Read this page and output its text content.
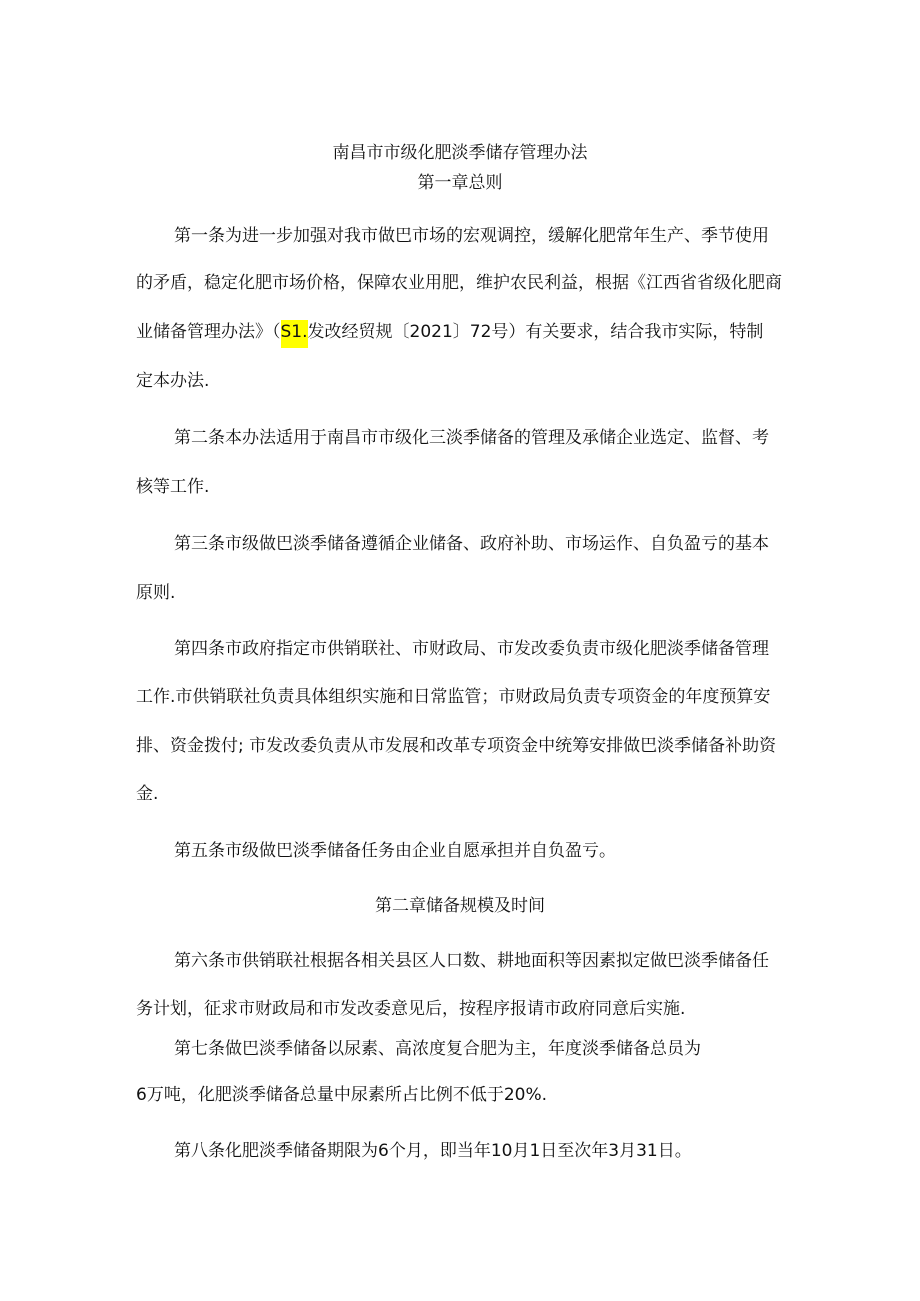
南昌市市级化肥淡季储存管理办法
第一章总则
第一条为进一步加强对我市做巴市场的宏观调控，缓解化肥常年生产、季节使用
的矛盾，稳定化肥市场价格，保障农业用肥，维护农民利益，根据《江西省省级化肥商
业储备管理办法》（S1.发改经贸规〔2021〕72号）有关要求，结合我市实际，特制
定本办法.
第二条本办法适用于南昌市市级化三淡季储备的管理及承储企业选定、监督、考
核等工作.
第三条市级做巴淡季储备遵循企业储备、政府补助、市场运作、自负盈亏的基本
原则.
第四条市政府指定市供销联社、市财政局、市发改委负责市级化肥淡季储备管理
工作.市供销联社负责具体组织实施和日常监管；市财政局负责专项资金的年度预算安
排、资金拨付; 市发改委负责从市发展和改革专项资金中统筹安排做巴淡季储备补助资
金.
第五条市级做巴淡季储备任务由企业自愿承担并自负盈亏。
第二章储备规模及时间
第六条市供销联社根据各相关县区人口数、耕地面积等因素拟定做巴淡季储备任
务计划，征求市财政局和市发改委意见后，按程序报请市政府同意后实施.
第七条做巴淡季储备以尿素、高浓度复合肥为主，年度淡季储备总员为
6万吨，化肥淡季储备总量中尿素所占比例不低于20%.
第八条化肥淡季储备期限为6个月，即当年10月1日至次年3月31日。
